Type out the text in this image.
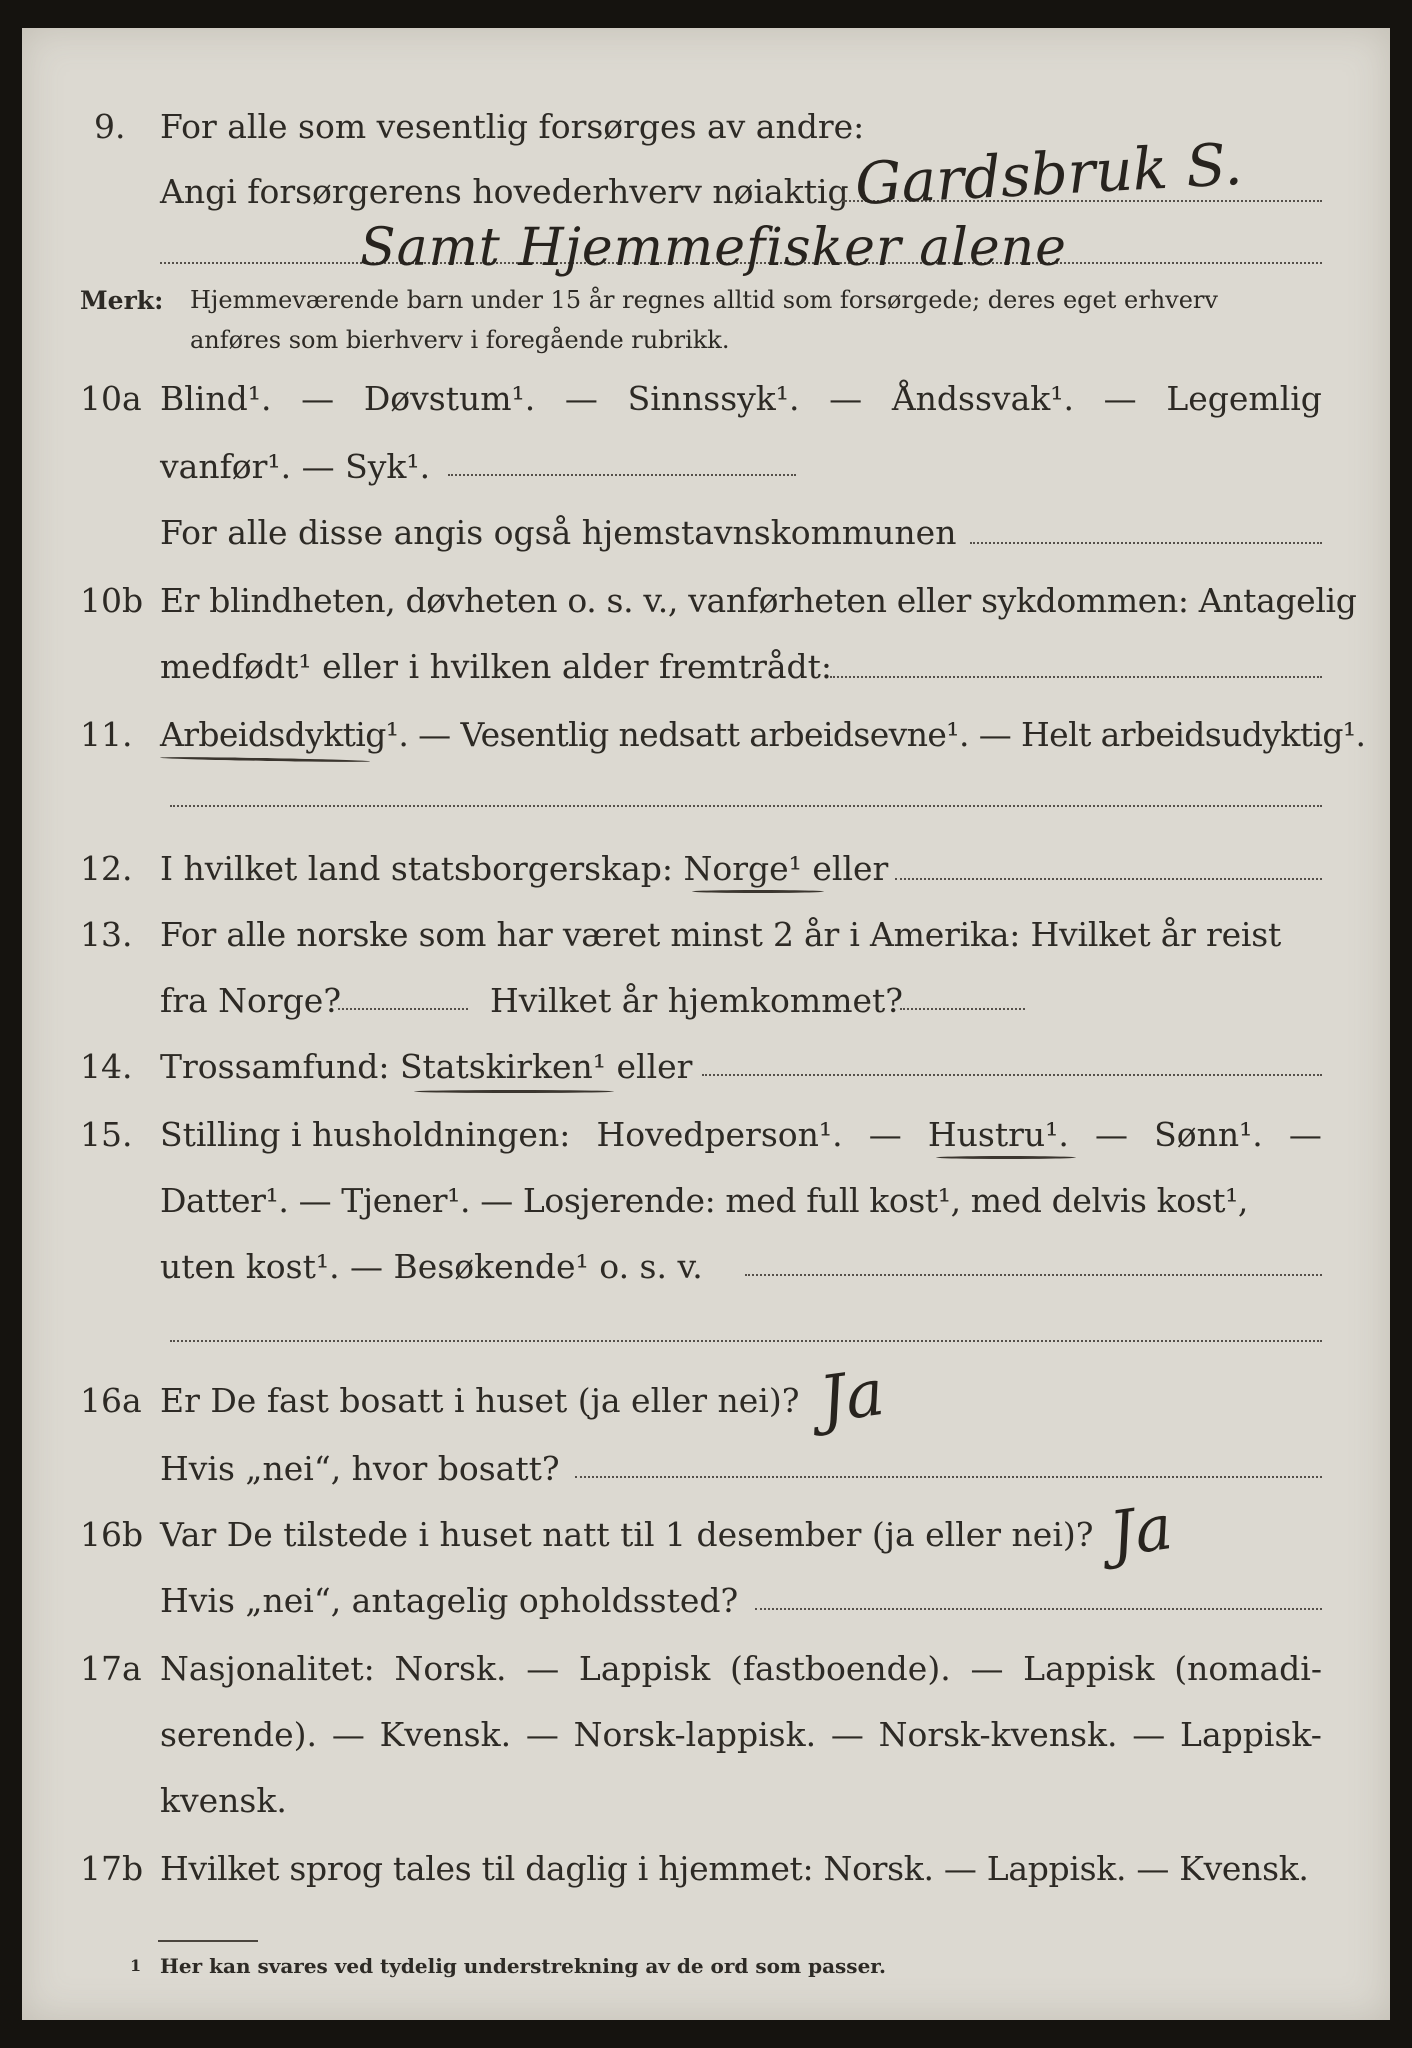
9. For alle som vesentlig forsørges av andre:
Angi forsørgerens hovederhverv nøiaktig Gardsbruk S.
Samt Hjemmefisker alene
Merk: Hjemmeværende barn under 15 år regnes alltid som forsørgede; deres eget erhverv
anføres som bierhverv i foregående rubrikk.
10a Blind¹. — Døvstum¹. — Sinnssyk¹. — Åndssvak¹. — Legemlig
vanfør¹. — Syk¹.
For alle disse angis også hjemstavnskommunen
10b Er blindheten, døvheten o. s. v., vanførheten eller sykdommen: Antagelig
medfødt¹ eller i hvilken alder fremtrådt:
11. Arbeidsdyktig¹. — Vesentlig nedsatt arbeidsevne¹. — Helt arbeidsudyktig¹.
12. I hvilket land statsborgerskap: Norge¹ eller
13. For alle norske som har været minst 2 år i Amerika: Hvilket år reist
fra Norge?	Hvilket år hjemkommet?
14. Trossamfund: Statskirken¹ eller
15. Stilling i husholdningen: Hovedperson¹. — Hustru¹. — Sønn¹. —
Datter¹. — Tjener¹. — Losjerende: med full kost¹, med delvis kost¹,
uten kost¹. — Besøkende¹ o. s. v.
16a Er De fast bosatt i huset (ja eller nei)? Ja
Hvis „nei“, hvor bosatt?
16b Var De tilstede i huset natt til 1 desember (ja eller nei)? Ja
Hvis „nei“, antagelig opholdssted?
17a Nasjonalitet: Norsk. — Lappisk (fastboende). — Lappisk (nomadi-
serende). — Kvensk. — Norsk-lappisk. — Norsk-kvensk. — Lappisk-
kvensk.
17b Hvilket sprog tales til daglig i hjemmet: Norsk. — Lappisk. — Kvensk.
1 Her kan svares ved tydelig understrekning av de ord som passer.
